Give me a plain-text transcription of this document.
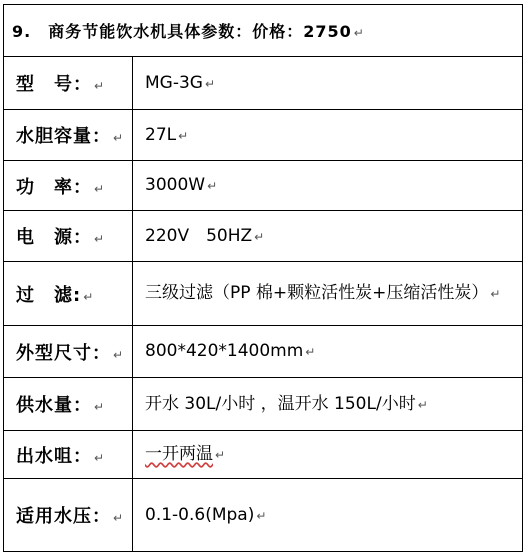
9.　商务节能饮水机具体参数：价格：2750 ↵	
型　号： ↵	MG-3G ↵
水胆容量： ↵	27L ↵
功　率： ↵	3000W ↵
电　源： ↵	220V　50HZ ↵
过　滤: ↵	三级过滤（PP 棉+颗粒活性炭+压缩活性炭） ↵
外型尺寸： ↵	800*420*1400mm ↵
供水量： ↵	开水 30L/小时 ，温开水 150L/小时 ↵
出水咀： ↵	一开两温 ↵
适用水压： ↵	0.1-0.6(Mpa) ↵
